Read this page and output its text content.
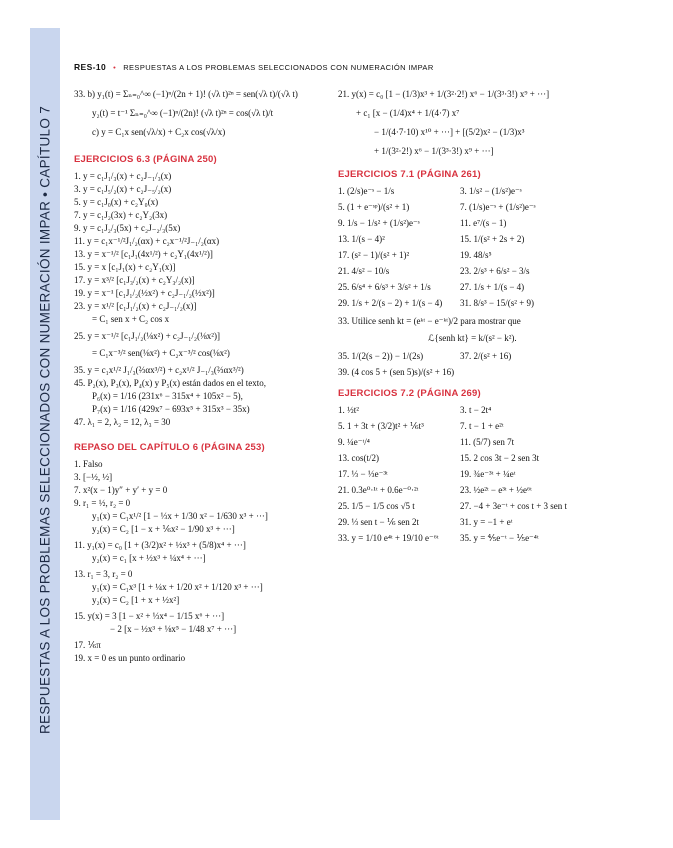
RESPUESTAS A LOS PROBLEMAS SELECCIONADOS CON NUMERACIÓN IMPAR • CAPÍTULO 7
RES-10 • RESPUESTAS A LOS PROBLEMAS SELECCIONADOS CON NUMERACIÓN IMPAR
33. b) y₁(t) = Σₙ₌₀^∞ (−1)ⁿ/(2n + 1)! (√λ t)²ⁿ = sen(√λ t)/(√λ t)
y₂(t) = t⁻¹ Σₙ₌₀^∞ (−1)ⁿ/(2n)! (√λ t)²ⁿ = cos(√λ t)/t
c) y = C₁x sen(√λ/x) + C₂x cos(√λ/x)
EJERCICIOS 6.3 (PÁGINA 250)
1. y = c₁J₁/₃(x) + c₂J₋₁/₃(x)
3. y = c₁J₅/₂(x) + c₂J₋₅/₂(x)
5. y = c₁J₀(x) + c₂Y₀(x)
7. y = c₁J₂(3x) + c₂Y₂(3x)
9. y = c₁J₂/₃(5x) + c₂J₋₂/₃(5x)
11. y = c₁x⁻¹/²J₁/₂(αx) + c₂x⁻¹/²J₋₁/₂(αx)
13. y = x⁻¹/² [c₁J₁(4x¹/²) + c₂Y₁(4x¹/²)]
15. y = x [c₁J₁(x) + c₂Y₁(x)]
17. y = x³/² [c₁J₃/₂(x) + c₂Y₃/₂(x)]
19. y = x⁻¹ [c₁J₁/₂(½x²) + c₂J₋₁/₂(½x²)]
23. y = x¹/² [c₁J₁/₂(x) + c₂J₋₁/₂(x)]
= C₁ sen x + C₂ cos x
25. y = x⁻¹/² [c₁J₁/₂(⅛x²) + c₂J₋₁/₂(⅛x²)]
= C₁x⁻³/² sen(⅛x²) + C₂x⁻³/² cos(⅛x²)
35. y = c₁x¹/² J₁/₃(⅔αx³/²) + c₂x¹/² J₋₁/₃(⅔αx³/²)
45. P₂(x), P₃(x), P₄(x) y P₅(x) están dados en el texto,
P₆(x) = 1/16 (231x⁶ − 315x⁴ + 105x² − 5),
P₇(x) = 1/16 (429x⁷ − 693x⁵ + 315x³ − 35x)
47. λ₁ = 2, λ₂ = 12, λ₃ = 30
REPASO DEL CAPÍTULO 6 (PÁGINA 253)
1. Falso
3. [−½, ½]
7. x²(x − 1)y″ + y′ + y = 0
9. r₁ = ½, r₂ = 0
y₁(x) = C₁x¹/² [1 − ⅓x + 1/30 x² − 1/630 x³ + ···]
y₂(x) = C₂ [1 − x + ⅙x² − 1/90 x³ + ···]
11. y₁(x) = c₀ [1 + (3/2)x² + ½x³ + (5/8)x⁴ + ···]
y₂(x) = c₁ [x + ½x³ + ¼x⁴ + ···]
13. r₁ = 3, r₂ = 0
y₁(x) = C₁x³ [1 + ¼x + 1/20 x² + 1/120 x³ + ···]
y₂(x) = C₂ [1 + x + ½x²]
15. y(x) = 3 [1 − x² + ⅓x⁴ − 1/15 x⁶ + ···]
− 2 [x − ½x³ + ⅛x⁵ − 1/48 x⁷ + ···]
17. ⅙π
19. x = 0 es un punto ordinario
21. y(x) = c₀ [1 − (1/3)x³ + 1/(3²·2!) x⁶ − 1/(3³·3!) x⁹ + ···]
+ c₁ [x − (1/4)x⁴ + 1/(4·7) x⁷
− 1/(4·7·10) x¹⁰ + ···] + [(5/2)x² − (1/3)x³
+ 1/(3²·2!) x⁶ − 1/(3³·3!) x⁹ + ···]
EJERCICIOS 7.1 (PÁGINA 261)
1. (2/s)e⁻ˢ − 1/s	3. 1/s² − (1/s²)e⁻ˢ
5. (1 + e⁻ˢᵖ)/(s² + 1)	7. (1/s)e⁻ˢ + (1/s²)e⁻ˢ
9. 1/s − 1/s² + (1/s²)e⁻ˢ	11. e⁷/(s − 1)
13. 1/(s − 4)²	15. 1/(s² + 2s + 2)
17. (s² − 1)/(s² + 1)²	19. 48/s⁵
21. 4/s² − 10/s	23. 2/s³ + 6/s² − 3/s
25. 6/s⁴ + 6/s³ + 3/s² + 1/s	27. 1/s + 1/(s − 4)
29. 1/s + 2/(s − 2) + 1/(s − 4)	31. 8/s³ − 15/(s² + 9)
33. Utilice senh kt = (eᵏᵗ − e⁻ᵏᵗ)/2 para mostrar que
ℒ{senh kt} = k/(s² − k²).
35. 1/(2(s − 2)) − 1/(2s)	37. 2/(s² + 16)
39. (4 cos 5 + (sen 5)s)/(s² + 16)
EJERCICIOS 7.2 (PÁGINA 269)
1. ½t²	3. t − 2t⁴
5. 1 + 3t + (3/2)t² + ⅙t³	7. t − 1 + e²ᵗ
9. ¼e⁻ᵗ/⁴	11. (5/7) sen 7t
13. cos(t/2)	15. 2 cos 3t − 2 sen 3t
17. ⅓ − ⅓e⁻³ᵗ	19. ¾e⁻³ᵗ + ¼eᵗ
21. 0.3e⁰·¹ᵗ + 0.6e⁻⁰·²ᵗ	23. ½e²ᵗ − e³ᵗ + ½e⁶ᵗ
25. 1/5 − 1/5 cos √5 t	27. −4 + 3e⁻ᵗ + cos t + 3 sen t
29. ⅓ sen t − ⅙ sen 2t	31. y = −1 + eᵗ
33. y = 1/10 e⁴ᵗ + 19/10 e⁻⁶ᵗ	35. y = ⅘e⁻ᵗ − ⅕e⁻⁴ᵗ
